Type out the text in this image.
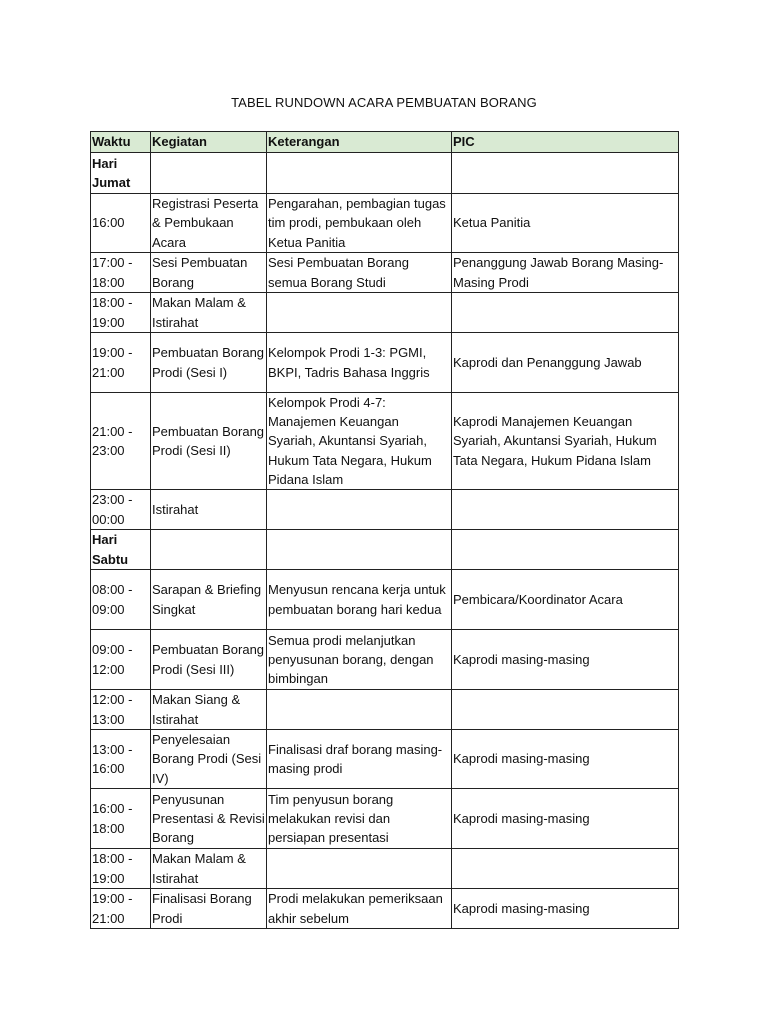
TABEL RUNDOWN ACARA PEMBUATAN BORANG
Waktu	Kegiatan	Keterangan	PIC
Hari Jumat			
16:00	Registrasi Peserta & Pembukaan Acara	Pengarahan, pembagian tugas tim prodi, pembukaan oleh Ketua Panitia	Ketua Panitia
17:00 - 18:00	Sesi Pembuatan Borang	Sesi Pembuatan Borang semua Borang Studi	Penanggung Jawab Borang Masing-Masing Prodi
18:00 - 19:00	Makan Malam & Istirahat		
19:00 - 21:00	Pembuatan Borang Prodi (Sesi I)	Kelompok Prodi 1-3: PGMI, BKPI, Tadris Bahasa Inggris	Kaprodi dan Penanggung Jawab
21:00 - 23:00	Pembuatan Borang Prodi (Sesi II)	Kelompok Prodi 4-7: Manajemen Keuangan Syariah, Akuntansi Syariah, Hukum Tata Negara, Hukum Pidana Islam	Kaprodi Manajemen Keuangan Syariah, Akuntansi Syariah, Hukum Tata Negara, Hukum Pidana Islam
23:00 - 00:00	Istirahat		
Hari Sabtu			
08:00 - 09:00	Sarapan & Briefing Singkat	Menyusun rencana kerja untuk pembuatan borang hari kedua	Pembicara/Koordinator Acara
09:00 - 12:00	Pembuatan Borang Prodi (Sesi III)	Semua prodi melanjutkan penyusunan borang, dengan bimbingan	Kaprodi masing-masing
12:00 - 13:00	Makan Siang & Istirahat		
13:00 - 16:00	Penyelesaian Borang Prodi (Sesi IV)	Finalisasi draf borang masing-masing prodi	Kaprodi masing-masing
16:00 - 18:00	Penyusunan Presentasi & Revisi Borang	Tim penyusun borang melakukan revisi dan persiapan presentasi	Kaprodi masing-masing
18:00 - 19:00	Makan Malam & Istirahat		
19:00 - 21:00	Finalisasi Borang Prodi	Prodi melakukan pemeriksaan akhir sebelum	Kaprodi masing-masing
